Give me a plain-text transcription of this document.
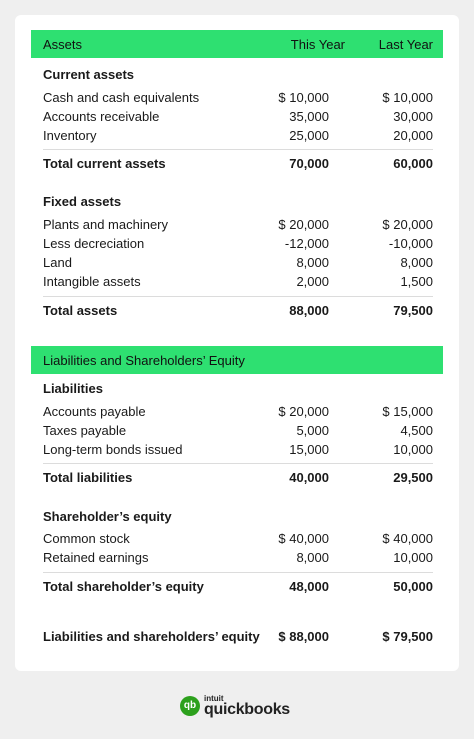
Assets	This Year	Last Year
Current assets
Cash and cash equivalents	$ 10,000	$ 10,000
Accounts receivable	35,000	30,000
Inventory	25,000	20,000
Total current assets	70,000	60,000
Fixed assets
Plants and machinery	$ 20,000	$ 20,000
Less decreciation	-12,000	-10,000
Land	8,000	8,000
Intangible assets	2,000	1,500
Total assets	88,000	79,500
Liabilities and Shareholders’ Equity
Liabilities
Accounts payable	$ 20,000	$ 15,000
Taxes payable	5,000	4,500
Long-term bonds issued	15,000	10,000
Total liabilities	40,000	29,500
Shareholder’s equity
Common stock	$ 40,000	$ 40,000
Retained earnings	8,000	10,000
Total shareholder’s equity	48,000	50,000
Liabilities and shareholders’ equity $ 88,000	$ 79,500
qb
intuit
quickbooks
